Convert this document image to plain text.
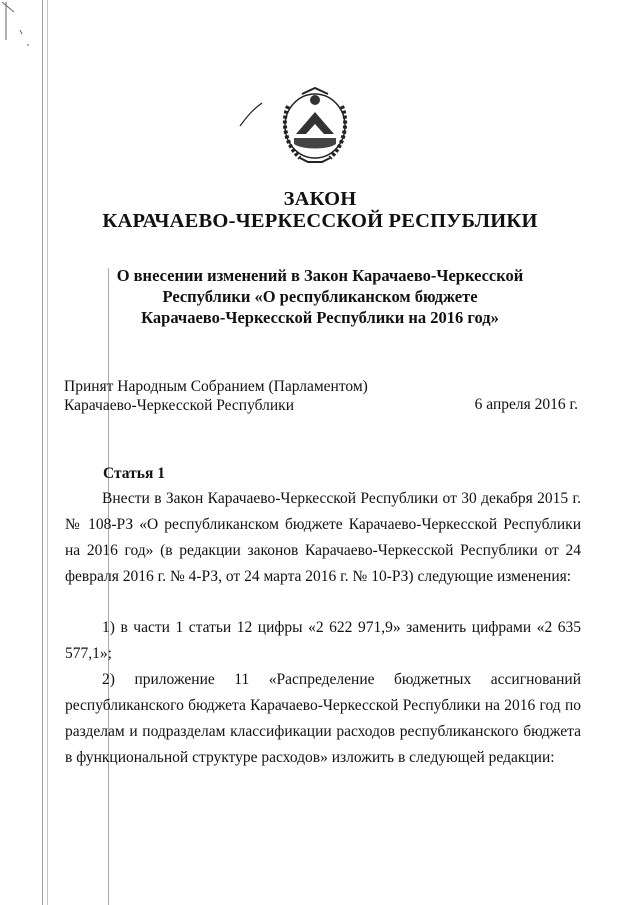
ЗАКОН
КАРАЧАЕВО-ЧЕРКЕССКОЙ РЕСПУБЛИКИ
О внесении изменений в Закон Карачаево-Черкесской
Республики «О республиканском бюджете
Карачаево-Черкесской Республики на 2016 год»
Принят Народным Собранием (Парламентом)
Карачаево-Черкесской Республики	6 апреля 2016 г.
Статья 1
Внести в Закон Карачаево-Черкесской Республики от 30 декабря 2015 г. № 108-РЗ «О республиканском бюджете Карачаево-Черкесской Республики на 2016 год» (в редакции законов Карачаево-Черкесской Республики от 24 февраля 2016 г. № 4-РЗ, от 24 марта 2016 г. № 10-РЗ) следующие изменения:
1) в части 1 статьи 12 цифры «2 622 971,9» заменить цифрами «2 635 577,1»;
2) приложение 11 «Распределение бюджетных ассигнований республиканского бюджета Карачаево-Черкесской Республики на 2016 год по разделам и подразделам классификации расходов республиканского бюджета в функциональной структуре расходов» изложить в следующей редакции:
